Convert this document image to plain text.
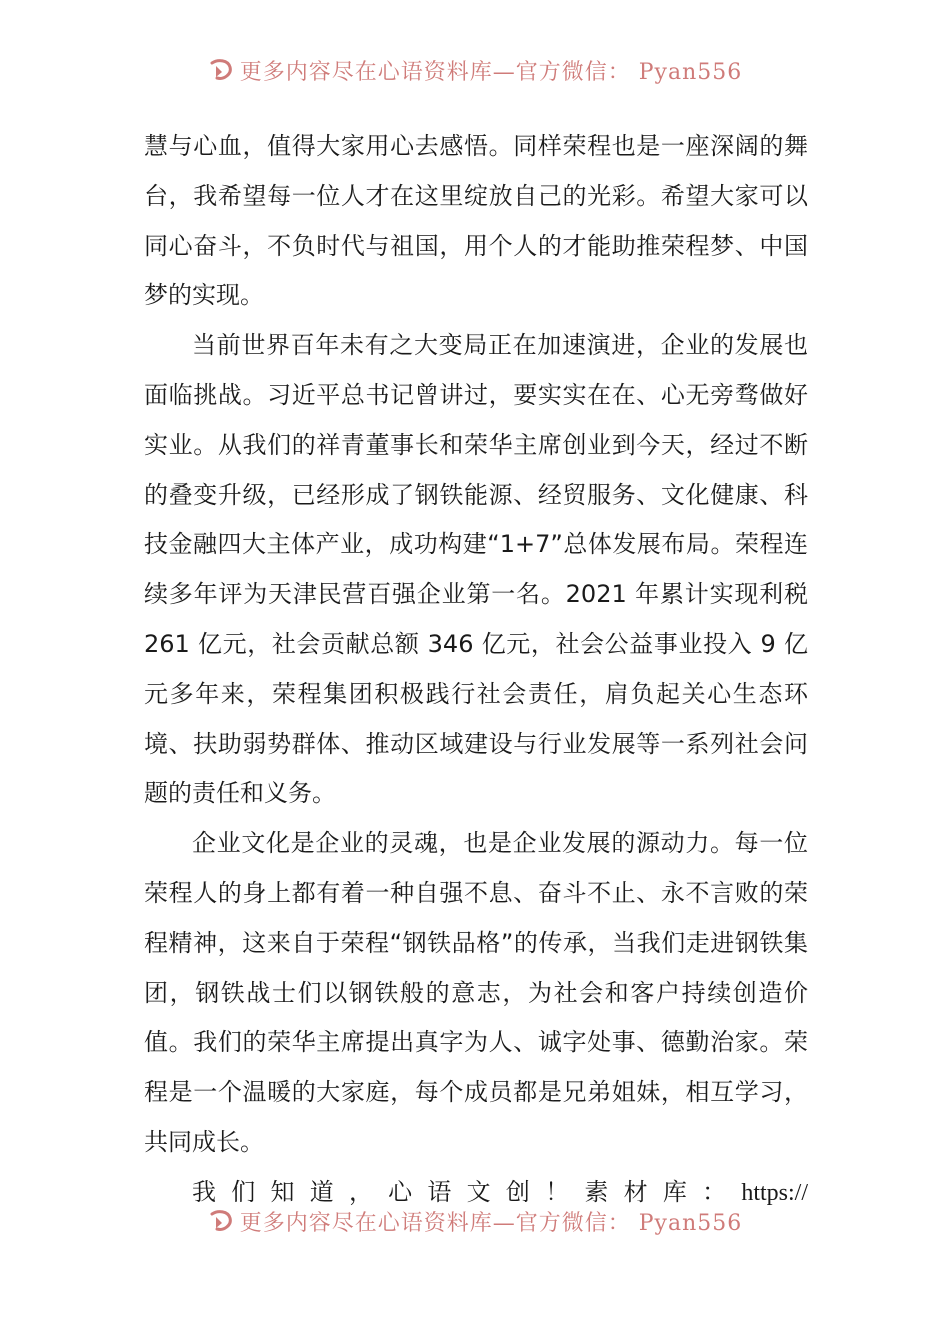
更多内容尽在心语资料库—官方微信： Pyan556

慧与心血，值得大家用心去感悟。同样荣程也是一座深阔的舞台，我希望每一位人才在这里绽放自己的光彩。希望大家可以同心奋斗，不负时代与祖国，用个人的才能助推荣程梦、中国梦的实现。

当前世界百年未有之大变局正在加速演进，企业的发展也面临挑战。习近平总书记曾讲过，要实实在在、心无旁骛做好实业。从我们的祥青董事长和荣华主席创业到今天，经过不断的叠变升级，已经形成了钢铁能源、经贸服务、文化健康、科技金融四大主体产业，成功构建“1+7”总体发展布局。荣程连续多年评为天津民营百强企业第一名。2021 年累计实现利税 261 亿元，社会贡献总额 346 亿元，社会公益事业投入 9 亿元多年来，荣程集团积极践行社会责任，肩负起关心生态环境、扶助弱势群体、推动区域建设与行业发展等一系列社会问题的责任和义务。

企业文化是企业的灵魂，也是企业发展的源动力。每一位荣程人的身上都有着一种自强不息、奋斗不止、永不言败的荣程精神，这来自于荣程“钢铁品格”的传承，当我们走进钢铁集团，钢铁战士们以钢铁般的意志，为社会和客户持续创造价值。我们的荣华主席提出真字为人、诚字处事、德勤治家。荣程是一个温暖的大家庭，每个成员都是兄弟姐妹，相互学习，共同成长。

我们知道，心语文创！素材库：https://
更多内容尽在心语资料库—官方微信： Pyan556
